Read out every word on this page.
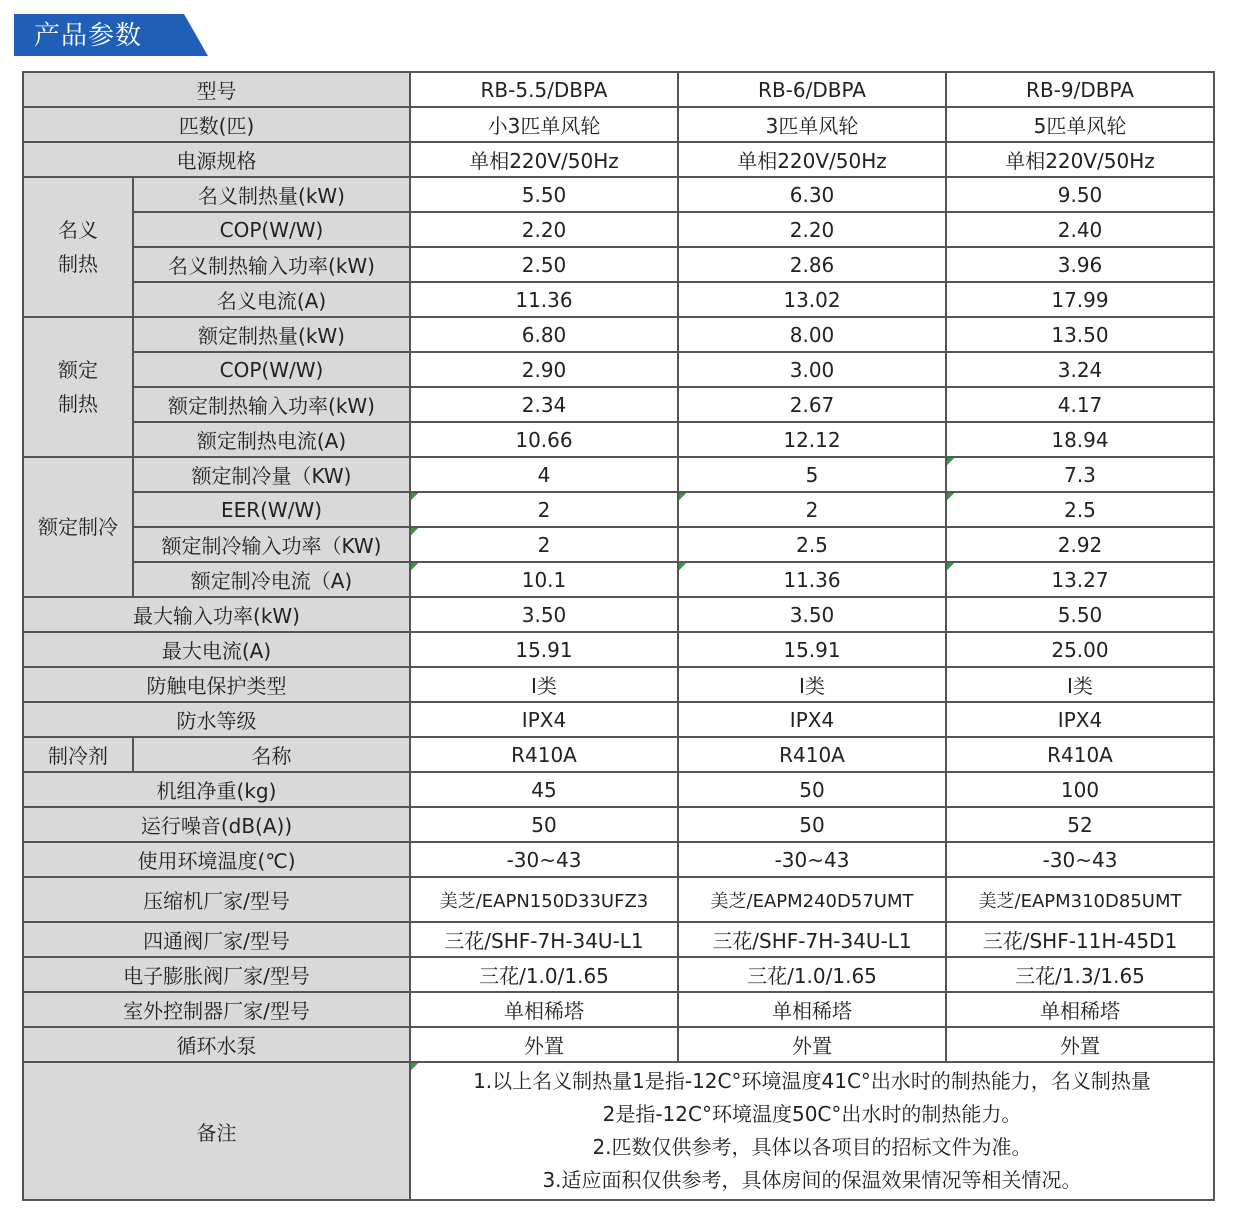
产品参数
型号		RB-5.5/DBPA	RB-6/DBPA	RB-9/DBPA
匹数(匹)		小3匹单风轮	3匹单风轮	5匹单风轮
电源规格		单相220V/50Hz	单相220V/50Hz	单相220V/50Hz
名义
制热	名义制热量(kW)	5.50	6.30	9.50
	COP(W/W)	2.20	2.20	2.40
	名义制热输入功率(kW)	2.50	2.86	3.96
	名义电流(A)	11.36	13.02	17.99
额定
制热	额定制热量(kW)	6.80	8.00	13.50
	COP(W/W)	2.90	3.00	3.24
	额定制热输入功率(kW)	2.34	2.67	4.17
	额定制热电流(A)	10.66	12.12	18.94
额定制冷	额定制冷量（KW)	4	5	7.3
	EER(W/W)	2	2	2.5
	额定制冷输入功率（KW)	2	2.5	2.92
	额定制冷电流（A)	10.1	11.36	13.27
最大输入功率(kW)		3.50	3.50	5.50
最大电流(A)		15.91	15.91	25.00
防触电保护类型		I类	I类	I类
防水等级		IPX4	IPX4	IPX4
制冷剂	名称	R410A	R410A	R410A
机组净重(kg)		45	50	100
运行噪音(dB(A))		50	50	52
使用环境温度(℃)		-30~43	-30~43	-30~43
压缩机厂家/型号		美芝/EAPN150D33UFZ3	美芝/EAPM240D57UMT	美芝/EAPM310D85UMT
四通阀厂家/型号		三花/SHF-7H-34U-L1	三花/SHF-7H-34U-L1	三花/SHF-11H-45D1
电子膨胀阀厂家/型号		三花/1.0/1.65	三花/1.0/1.65	三花/1.3/1.65
室外控制器厂家/型号		单相稀塔	单相稀塔	单相稀塔
循环水泵		外置	外置	外置
备注		1.以上名义制热量1是指-12C°环境温度41C°出水时的制热能力，名义制热量
2是指-12C°环境温度50C°出水时的制热能力。
2.匹数仅供参考，具体以各项目的招标文件为准。
3.适应面积仅供参考，具体房间的保温效果情况等相关情况。		
